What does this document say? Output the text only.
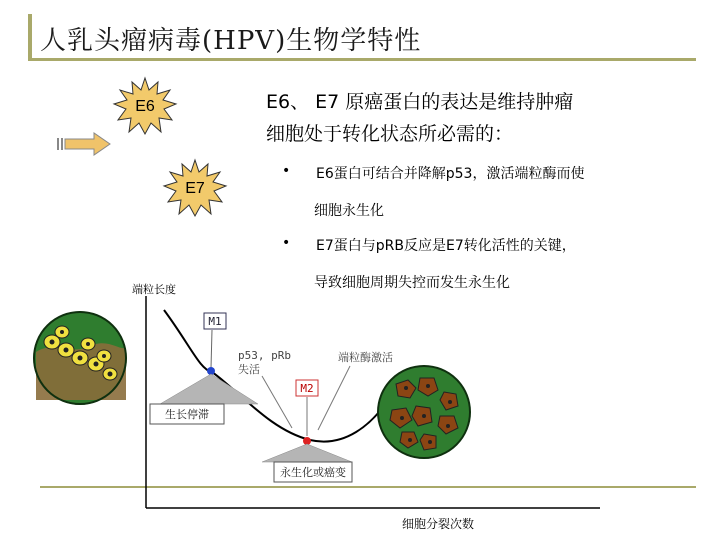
人乳头瘤病毒(HPV)生物学特性
E6
E7
E6、 E7 原癌蛋白的表达是维持肿瘤
细胞处于转化状态所必需的：
• E6蛋白可结合并降解p53，激活端粒酶而使
细胞永生化
• E7蛋白与pRB反应是E7转化活性的关键，
导致细胞周期失控而发生永生化
端粒长度
细胞分裂次数
M1
生长停滞
p53, pRb
失活
端粒酶激活
M2
永生化或癌变
